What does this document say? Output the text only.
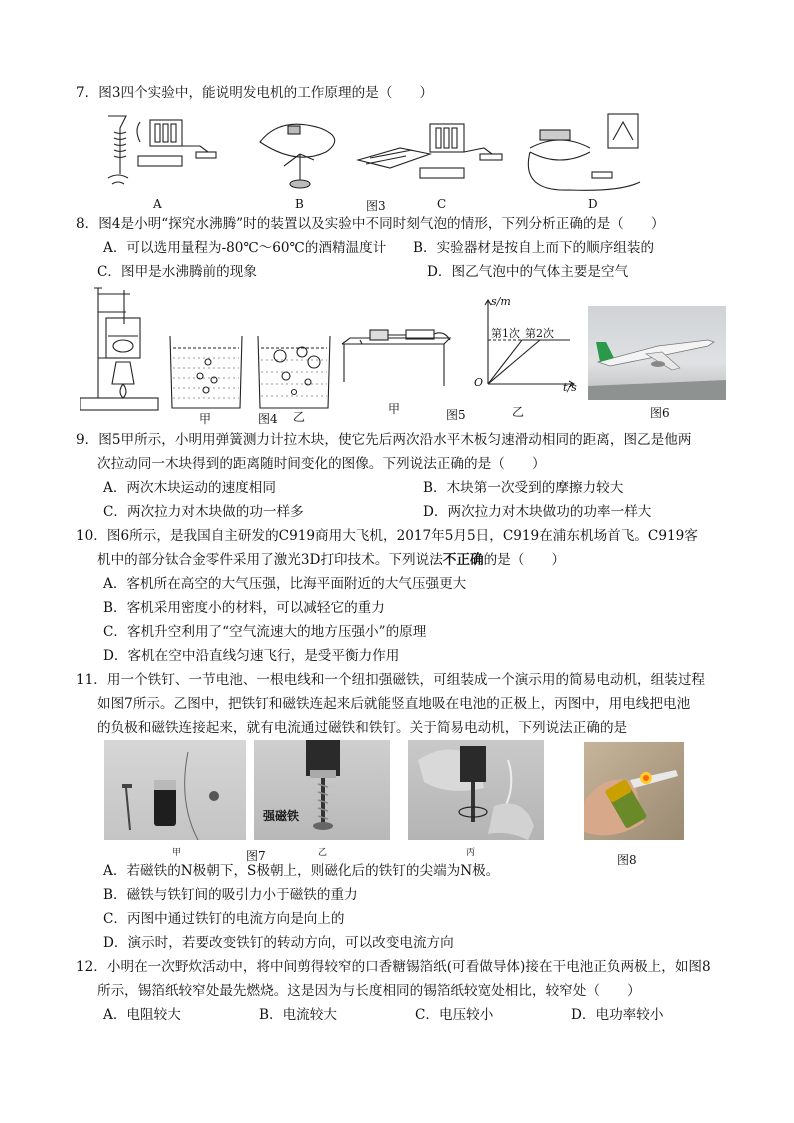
7．图3四个实验中，能说明发电机的工作原理的是（　　）
A	B	图3	C	D
8．图4是小明“探究水沸腾”时的装置以及实验中不同时刻气泡的情形，下列分析正确的是（　　）
A．可以选用量程为-80℃～60℃的酒精温度计 B．实验器材是按自上而下的顺序组装的
C．图甲是水沸腾前的现象	D．图乙气泡中的气体主要是空气
甲	图4 乙
甲	图5
s/m
第1次 第2次
O	t/s
乙	图6
9．图5甲所示，小明用弹簧测力计拉木块，使它先后两次沿水平木板匀速滑动相同的距离，图乙是他两
次拉动同一木块得到的距离随时间变化的图像。下列说法正确的是（　　）
A．两次木块运动的速度相同	B．木块第一次受到的摩擦力较大
C．两次拉力对木块做的功一样多	D．两次拉力对木块做功的功率一样大
10．图6所示，是我国自主研发的C919商用大飞机，2017年5月5日，C919在浦东机场首飞。C919客
机中的部分钛合金零件采用了激光3D打印技术。下列说法不正确的是（　　）
A．客机所在高空的大气压强，比海平面附近的大气压强更大
B．客机采用密度小的材料，可以减轻它的重力
C．客机升空利用了“空气流速大的地方压强小”的原理
D．客机在空中沿直线匀速飞行，是受平衡力作用
11．用一个铁钉、一节电池、一根电线和一个纽扣强磁铁，可组装成一个演示用的简易电动机，组装过程
如图7所示。乙图中，把铁钉和磁铁连起来后就能竖直地吸在电池的正极上，丙图中，用电线把电池
的负极和磁铁连接起来，就有电流通过磁铁和铁钉。关于简易电动机，下列说法正确的是
强磁铁
甲	图7	乙	丙	图8
A．若磁铁的N极朝下，S极朝上，则磁化后的铁钉的尖端为N极。
B．磁铁与铁钉间的吸引力小于磁铁的重力
C．丙图中通过铁钉的电流方向是向上的
D．演示时，若要改变铁钉的转动方向，可以改变电流方向
12．小明在一次野炊活动中，将中间剪得较窄的口香糖锡箔纸(可看做导体)接在干电池正负两极上，如图8
所示，锡箔纸较窄处最先燃烧。这是因为与长度相同的锡箔纸较宽处相比，较窄处（　　）
A．电阻较大	B．电流较大	C．电压较小	D．电功率较小
